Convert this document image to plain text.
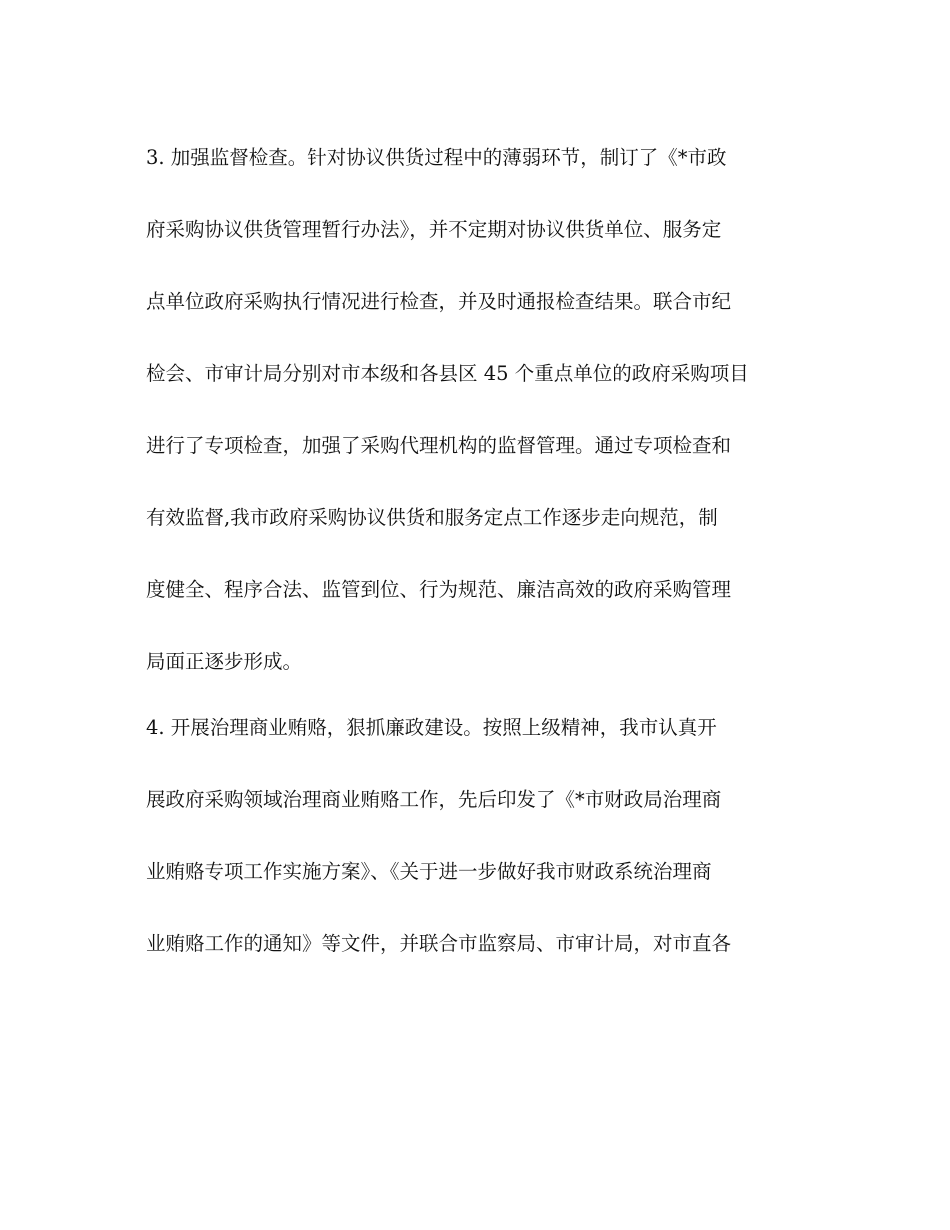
3. 加强监督检查。针对协议供货过程中的薄弱环节，制订了《*市政
府采购协议供货管理暂行办法》，并不定期对协议供货单位、服务定
点单位政府采购执行情况进行检查，并及时通报检查结果。联合市纪
检会、市审计局分别对市本级和各县区 45 个重点单位的政府采购项目
进行了专项检查，加强了采购代理机构的监督管理。通过专项检查和
有效监督,我市政府采购协议供货和服务定点工作逐步走向规范，制
度健全、程序合法、监管到位、行为规范、廉洁高效的政府采购管理
局面正逐步形成。
4. 开展治理商业贿赂，狠抓廉政建设。按照上级精神，我市认真开
展政府采购领域治理商业贿赂工作，先后印发了《*市财政局治理商
业贿赂专项工作实施方案》、《关于进一步做好我市财政系统治理商
业贿赂工作的通知》等文件，并联合市监察局、市审计局，对市直各
